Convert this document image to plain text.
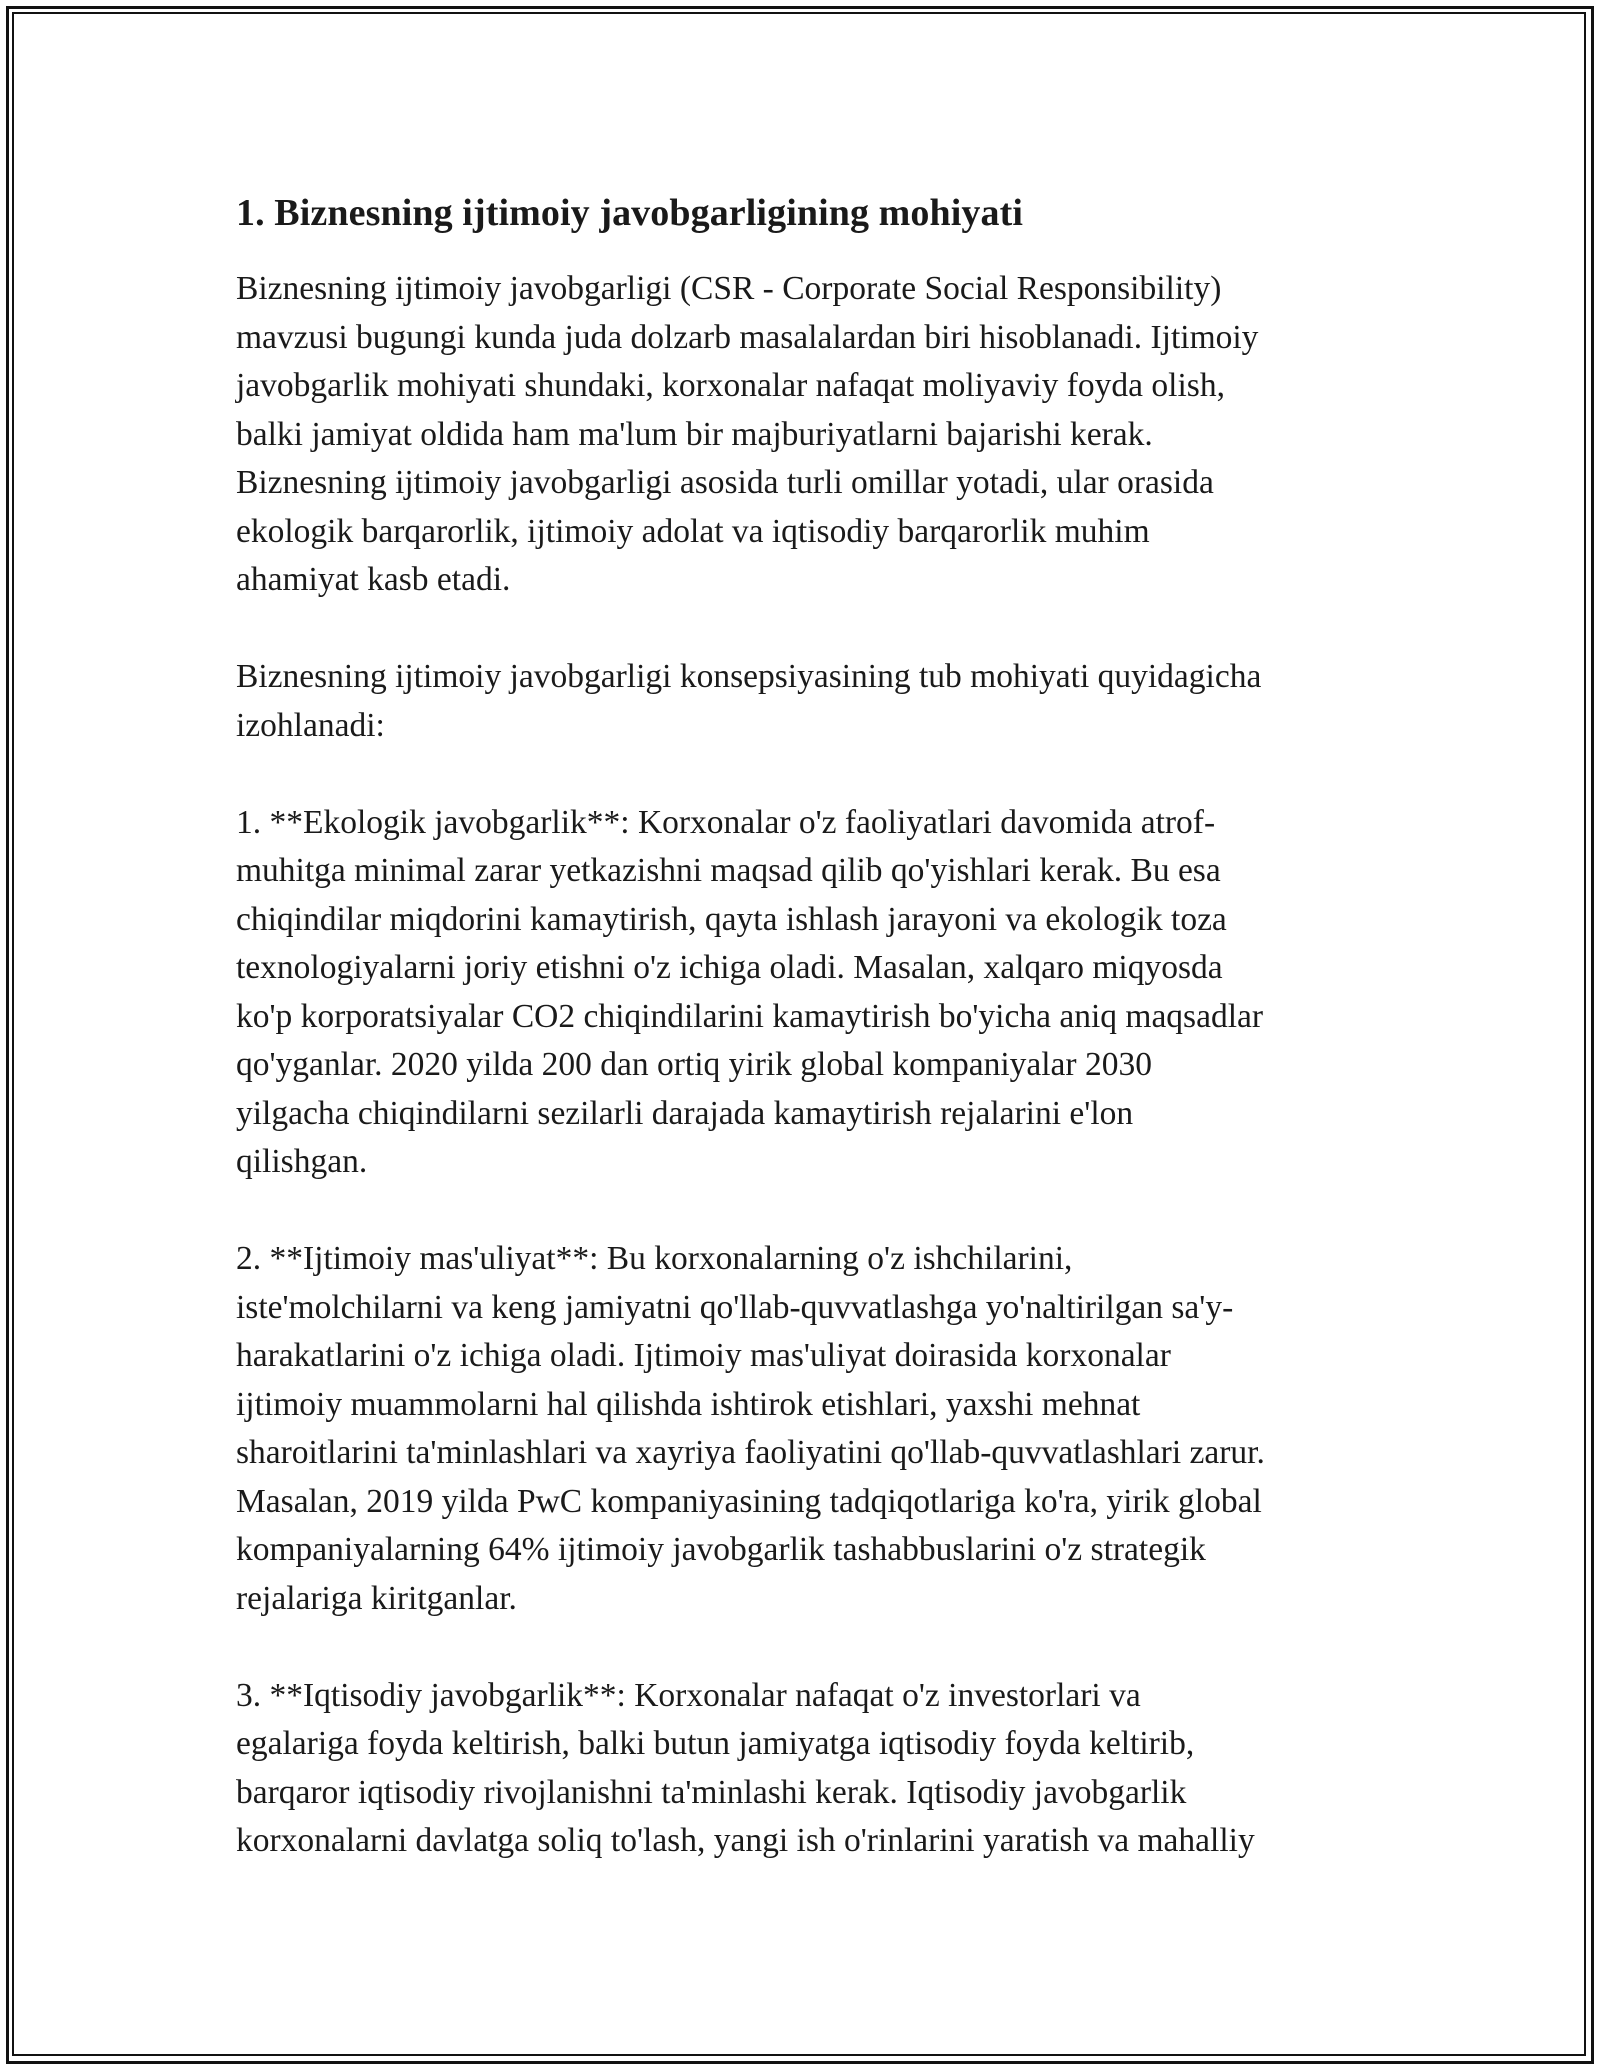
1. Biznesning ijtimoiy javobgarligining mohiyati

Biznesning ijtimoiy javobgarligi (CSR - Corporate Social Responsibility)
mavzusi bugungi kunda juda dolzarb masalalardan biri hisoblanadi. Ijtimoiy
javobgarlik mohiyati shundaki, korxonalar nafaqat moliyaviy foyda olish,
balki jamiyat oldida ham ma'lum bir majburiyatlarni bajarishi kerak.
Biznesning ijtimoiy javobgarligi asosida turli omillar yotadi, ular orasida
ekologik barqarorlik, ijtimoiy adolat va iqtisodiy barqarorlik muhim
ahamiyat kasb etadi.

Biznesning ijtimoiy javobgarligi konsepsiyasining tub mohiyati quyidagicha
izohlanadi:

1. **Ekologik javobgarlik**: Korxonalar o'z faoliyatlari davomida atrof-
muhitga minimal zarar yetkazishni maqsad qilib qo'yishlari kerak. Bu esa
chiqindilar miqdorini kamaytirish, qayta ishlash jarayoni va ekologik toza
texnologiyalarni joriy etishni o'z ichiga oladi. Masalan, xalqaro miqyosda
ko'p korporatsiyalar CO2 chiqindilarini kamaytirish bo'yicha aniq maqsadlar
qo'yganlar. 2020 yilda 200 dan ortiq yirik global kompaniyalar 2030
yilgacha chiqindilarni sezilarli darajada kamaytirish rejalarini e'lon
qilishgan.

2. **Ijtimoiy mas'uliyat**: Bu korxonalarning o'z ishchilarini,
iste'molchilarni va keng jamiyatni qo'llab-quvvatlashga yo'naltirilgan sa'y-
harakatlarini o'z ichiga oladi. Ijtimoiy mas'uliyat doirasida korxonalar
ijtimoiy muammolarni hal qilishda ishtirok etishlari, yaxshi mehnat
sharoitlarini ta'minlashlari va xayriya faoliyatini qo'llab-quvvatlashlari zarur.
Masalan, 2019 yilda PwC kompaniyasining tadqiqotlariga ko'ra, yirik global
kompaniyalarning 64% ijtimoiy javobgarlik tashabbuslarini o'z strategik
rejalariga kiritganlar.

3. **Iqtisodiy javobgarlik**: Korxonalar nafaqat o'z investorlari va
egalariga foyda keltirish, balki butun jamiyatga iqtisodiy foyda keltirib,
barqaror iqtisodiy rivojlanishni ta'minlashi kerak. Iqtisodiy javobgarlik
korxonalarni davlatga soliq to'lash, yangi ish o'rinlarini yaratish va mahalliy
